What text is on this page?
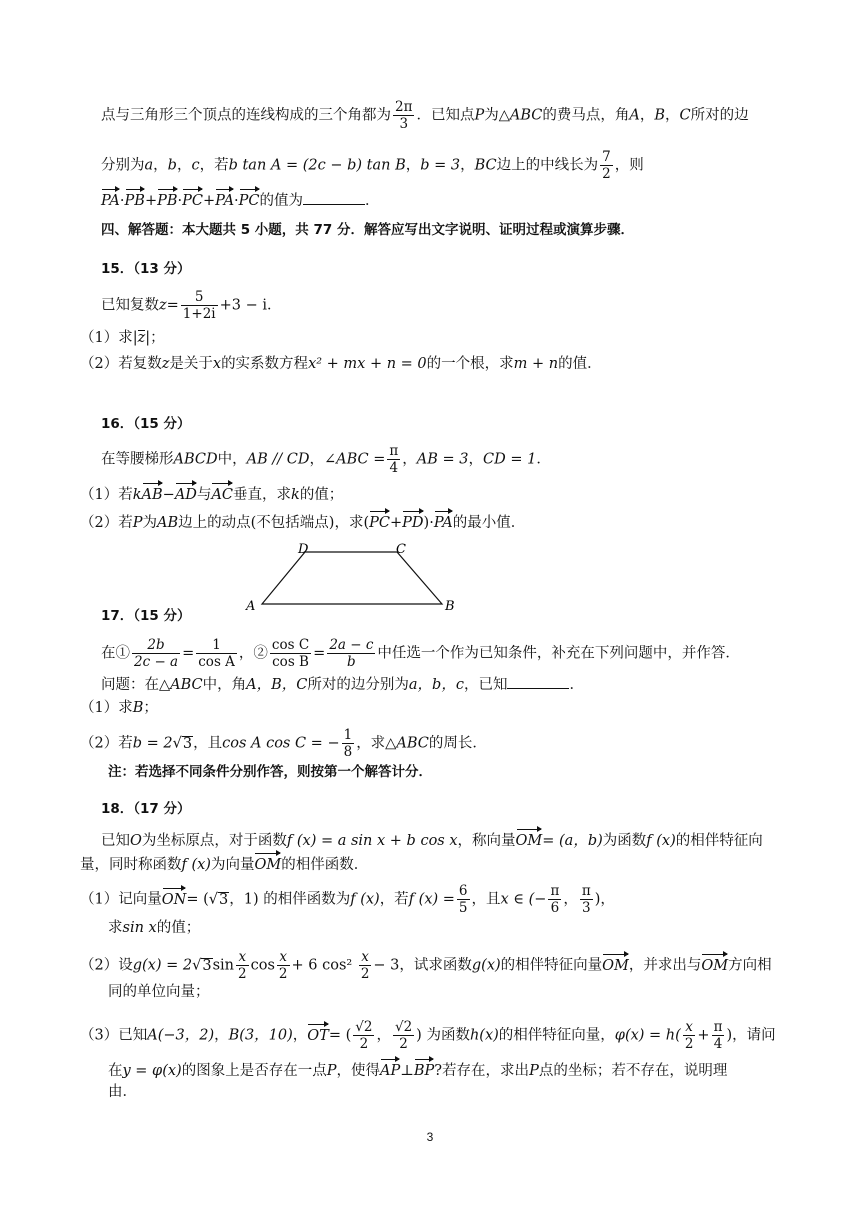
点与三角形三个顶点的连线构成的三个角都为 $\frac{2\pi}{3}$ ．已知点P为△ABC的费马点，角A，B，C所对的边
分别为a，b，c，若b tan A = (2c − b) tan B，b = 3，BC边上的中线长为 $\frac{7}{2}$ ，则
PA·PB+PB·PC+PA·PC的值为	．
四、解答题：本大题共 5 小题，共 77 分．解答应写出文字说明、证明过程或演算步骤．
15．（13 分）
已知复数$z= \frac{5}{1+2i} +3 - i$．
（1）求|z|；
（2）若复数z是关于x的实系数方程x² + mx + n = 0的一个根，求m + n的值．
16．（15 分）
在等腰梯形ABCD中，AB // CD，∠ABC = $\frac{\pi}{4}$ ，AB = 3，CD = 1．
（1）若kAB−AD与AC垂直，求k的值；
（2）若P为AB边上的动点(不包括端点)，求(PC+PD)·PA的最小值．
D	C
A	B
17．（15 分）
在① $\frac{2b}{2c - a} = \frac{1}{\text{cos A}}$ ，② $\frac{\text{cos C}}{\text{cos B}} = \frac{2a - c}{b}$ 中任选一个作为已知条件，补充在下列问题中，并作答．
问题：在△ABC中，角A，B，C所对的边分别为a，b，c，已知	．
（1）求B；
（2）若b = 2√3，且cos A cos C = − $\frac{1}{8}$ ，求△ABC的周长．
注：若选择不同条件分别作答，则按第一个解答计分．
18．（17 分）
已知O为坐标原点，对于函数f (x) = a sin x + b cos x，称向量OM= (a，b)为函数f (x)的相伴特征向
量，同时称函数f (x)为向量OM的相伴函数．
（1）记向量ON= (√3，1) 的相伴函数为f (x)，若f $(x) = \frac{6}{5}$ ，且x ∈ (− $\frac{\pi}{6}$ ， $\frac{\pi}{3}$ )，
求sin x的值；
（2）设$g(x) = 2√3\sin \frac{x}{2}$ $\cos \frac{x}{2} + 6$ $\cos^2 \frac{x}{2} - 3$，试求函数g(x)的相伴特征向量OM，并求出与OM方向相
同的单位向量；
（3）已知A(−3，2)，B(3，10)，OT= ( $\frac{√2}{2}$ ， $\frac{√2}{2}$ ) 为函数h(x)的相伴特征向量，$\varphi(x) = h( \frac{x}{2} + \frac{\pi}{4}$ )，请问
在y = φ(x)的图象上是否存在一点P，使得AP⊥BP?若存在，求出P点的坐标；若不存在，说明理
由．
3
